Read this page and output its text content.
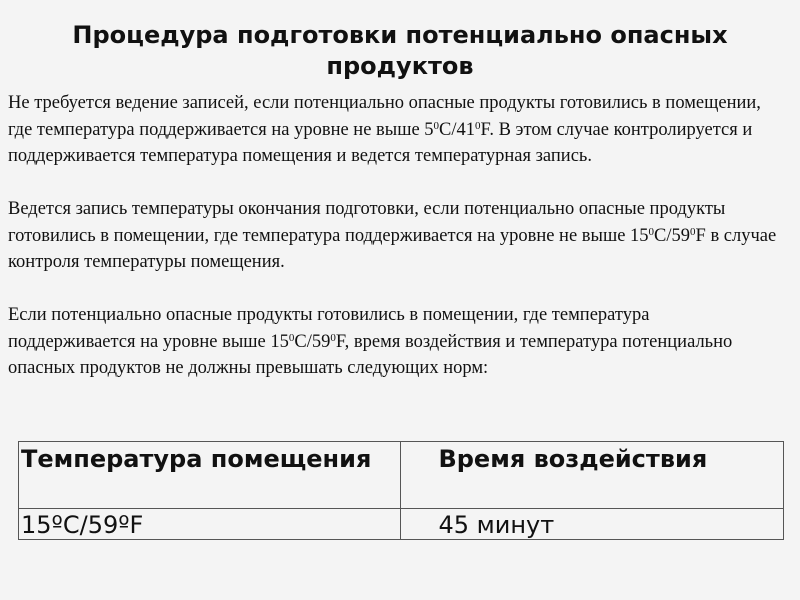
Процедура подготовки потенциально опасных продуктов

Не требуется ведение записей, если потенциально опасные продукты готовились в помещении, где температура поддерживается на уровне не выше $5^0С/41^0F$. В этом случае контролируется и поддерживается температура помещения и ведется температурная запись.

Ведется запись температуры окончания подготовки, если потенциально опасные продукты готовились в помещении, где температура поддерживается на уровне не выше $15^0С/59^0F$ в случае контроля температуры помещения.

Если потенциально опасные продукты готовились в помещении, где температура поддерживается на уровне выше $15^0С/59^0F$, время воздействия и температура потенциально опасных продуктов не должны превышать следующих норм:

Температура помещения	Время воздействия
15ºС/59ºF	45 минут
